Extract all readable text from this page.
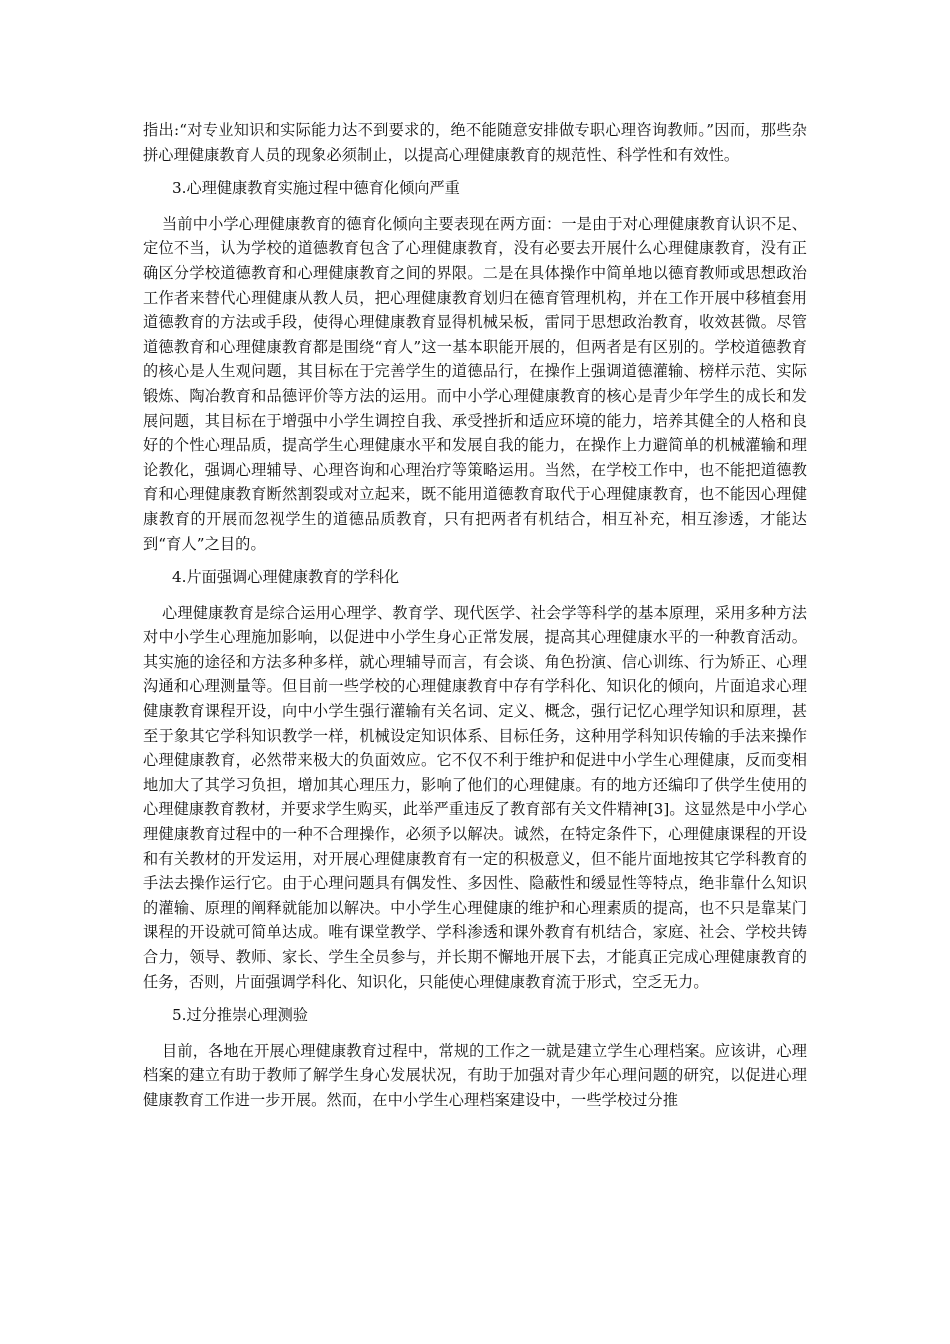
指出:“对专业知识和实际能力达不到要求的，绝不能随意安排做专职心理咨询教师。”因而，那些杂拼心理健康教育人员的现象必须制止，以提高心理健康教育的规范性、科学性和有效性。

3.心理健康教育实施过程中德育化倾向严重

当前中小学心理健康教育的德育化倾向主要表现在两方面：一是由于对心理健康教育认识不足、定位不当，认为学校的道德教育包含了心理健康教育，没有必要去开展什么心理健康教育，没有正确区分学校道德教育和心理健康教育之间的界限。二是在具体操作中简单地以德育教师或思想政治工作者来替代心理健康从教人员，把心理健康教育划归在德育管理机构，并在工作开展中移植套用道德教育的方法或手段，使得心理健康教育显得机械呆板，雷同于思想政治教育，收效甚微。尽管道德教育和心理健康教育都是围绕“育人”这一基本职能开展的，但两者是有区别的。学校道德教育的核心是人生观问题，其目标在于完善学生的道德品行，在操作上强调道德灌输、榜样示范、实际锻炼、陶冶教育和品德评价等方法的运用。而中小学心理健康教育的核心是青少年学生的成长和发展问题，其目标在于增强中小学生调控自我、承受挫折和适应环境的能力，培养其健全的人格和良好的个性心理品质，提高学生心理健康水平和发展自我的能力，在操作上力避简单的机械灌输和理论教化，强调心理辅导、心理咨询和心理治疗等策略运用。当然，在学校工作中，也不能把道德教育和心理健康教育断然割裂或对立起来，既不能用道德教育取代于心理健康教育，也不能因心理健康教育的开展而忽视学生的道德品质教育，只有把两者有机结合，相互补充，相互渗透，才能达到“育人”之目的。

4.片面强调心理健康教育的学科化

心理健康教育是综合运用心理学、教育学、现代医学、社会学等科学的基本原理，采用多种方法对中小学生心理施加影响，以促进中小学生身心正常发展，提高其心理健康水平的一种教育活动。其实施的途径和方法多种多样，就心理辅导而言，有会谈、角色扮演、信心训练、行为矫正、心理沟通和心理测量等。但目前一些学校的心理健康教育中存有学科化、知识化的倾向，片面追求心理健康教育课程开设，向中小学生强行灌输有关名词、定义、概念，强行记忆心理学知识和原理，甚至于象其它学科知识教学一样，机械设定知识体系、目标任务，这种用学科知识传输的手法来操作心理健康教育，必然带来极大的负面效应。它不仅不利于维护和促进中小学生心理健康，反而变相地加大了其学习负担，增加其心理压力，影响了他们的心理健康。有的地方还编印了供学生使用的心理健康教育教材，并要求学生购买，此举严重违反了教育部有关文件精神[3]。这显然是中小学心理健康教育过程中的一种不合理操作，必须予以解决。诚然，在特定条件下，心理健康课程的开设和有关教材的开发运用，对开展心理健康教育有一定的积极意义，但不能片面地按其它学科教育的手法去操作运行它。由于心理问题具有偶发性、多因性、隐蔽性和缓显性等特点，绝非靠什么知识的灌输、原理的阐释就能加以解决。中小学生心理健康的维护和心理素质的提高，也不只是靠某门课程的开设就可简单达成。唯有课堂教学、学科渗透和课外教育有机结合，家庭、社会、学校共铸合力，领导、教师、家长、学生全员参与，并长期不懈地开展下去，才能真正完成心理健康教育的任务，否则，片面强调学科化、知识化，只能使心理健康教育流于形式，空乏无力。

5.过分推崇心理测验

目前，各地在开展心理健康教育过程中，常规的工作之一就是建立学生心理档案。应该讲，心理档案的建立有助于教师了解学生身心发展状况，有助于加强对青少年心理问题的研究，以促进心理健康教育工作进一步开展。然而，在中小学生心理档案建设中，一些学校过分推
